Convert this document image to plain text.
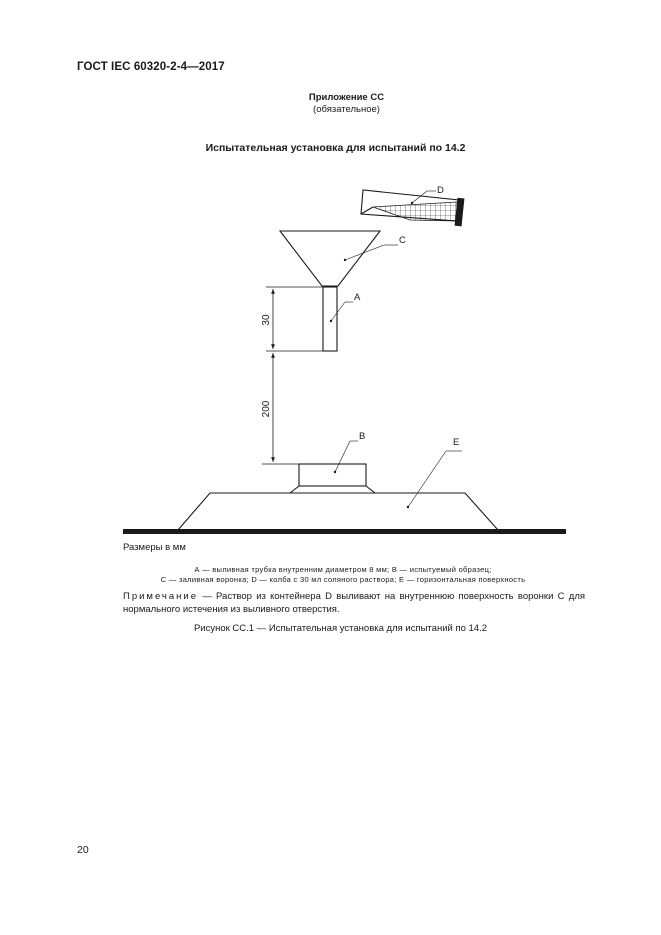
ГОСТ IEC 60320-2-4—2017
Приложение СС
(обязательное)
Испытательная установка для испытаний по 14.2
D
C
A
30
200
B
E
Размеры в мм
А — выливная трубка внутренним диаметром 8 мм; В — испытуемый образец;
С — заливная воронка; D — колба с 30 мл соляного раствора; Е — горизонтальная поверхность
Примечание — Раствор из контейнера D выливают на внутреннюю поверхность воронки С для нормального истечения из выливного отверстия.
Рисунок СС.1 — Испытательная установка для испытаний по 14.2
20
